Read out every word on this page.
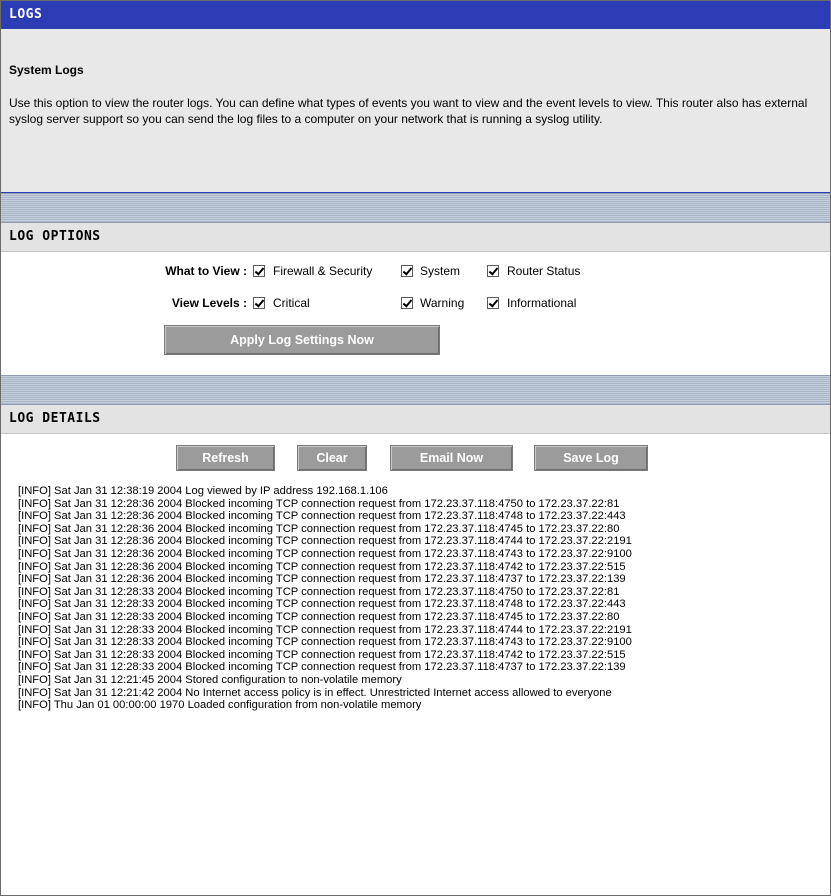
LOGS
System Logs

Use this option to view the router logs. You can define what types of events you want to view and the event levels to view. This router also has external syslog server support so you can send the log files to a computer on your network that is running a syslog utility.

LOG OPTIONS
What to View : Firewall & Security	System	Router Status
View Levels : Critical	Warning	Informational
Apply Log Settings Now
LOG DETAILS
Refresh	Clear	Email Now	Save Log
[INFO] Sat Jan 31 12:38:19 2004 Log viewed by IP address 192.168.1.106
[INFO] Sat Jan 31 12:28:36 2004 Blocked incoming TCP connection request from 172.23.37.118:4750 to 172.23.37.22:81
[INFO] Sat Jan 31 12:28:36 2004 Blocked incoming TCP connection request from 172.23.37.118:4748 to 172.23.37.22:443
[INFO] Sat Jan 31 12:28:36 2004 Blocked incoming TCP connection request from 172.23.37.118:4745 to 172.23.37.22:80
[INFO] Sat Jan 31 12:28:36 2004 Blocked incoming TCP connection request from 172.23.37.118:4744 to 172.23.37.22:2191
[INFO] Sat Jan 31 12:28:36 2004 Blocked incoming TCP connection request from 172.23.37.118:4743 to 172.23.37.22:9100
[INFO] Sat Jan 31 12:28:36 2004 Blocked incoming TCP connection request from 172.23.37.118:4742 to 172.23.37.22:515
[INFO] Sat Jan 31 12:28:36 2004 Blocked incoming TCP connection request from 172.23.37.118:4737 to 172.23.37.22:139
[INFO] Sat Jan 31 12:28:33 2004 Blocked incoming TCP connection request from 172.23.37.118:4750 to 172.23.37.22:81
[INFO] Sat Jan 31 12:28:33 2004 Blocked incoming TCP connection request from 172.23.37.118:4748 to 172.23.37.22:443
[INFO] Sat Jan 31 12:28:33 2004 Blocked incoming TCP connection request from 172.23.37.118:4745 to 172.23.37.22:80
[INFO] Sat Jan 31 12:28:33 2004 Blocked incoming TCP connection request from 172.23.37.118:4744 to 172.23.37.22:2191
[INFO] Sat Jan 31 12:28:33 2004 Blocked incoming TCP connection request from 172.23.37.118:4743 to 172.23.37.22:9100
[INFO] Sat Jan 31 12:28:33 2004 Blocked incoming TCP connection request from 172.23.37.118:4742 to 172.23.37.22:515
[INFO] Sat Jan 31 12:28:33 2004 Blocked incoming TCP connection request from 172.23.37.118:4737 to 172.23.37.22:139
[INFO] Sat Jan 31 12:21:45 2004 Stored configuration to non-volatile memory
[INFO] Sat Jan 31 12:21:42 2004 No Internet access policy is in effect. Unrestricted Internet access allowed to everyone
[INFO] Thu Jan 01 00:00:00 1970 Loaded configuration from non-volatile memory
